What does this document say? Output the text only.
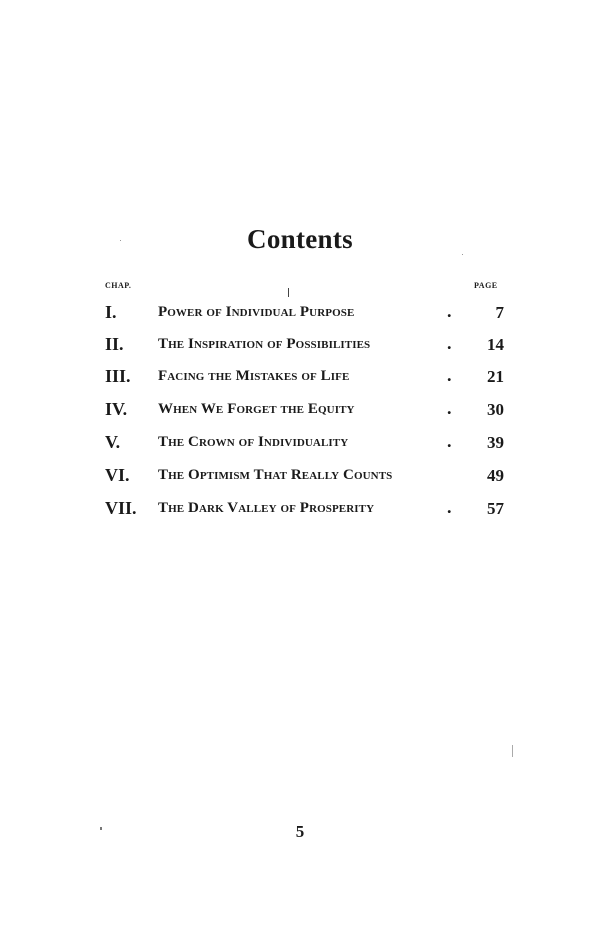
Contents
CHAP.	PAGE
I.	Power of Individual Purpose	.	7
II. The Inspiration of Possibilities	.	14
III. Facing the Mistakes of Life	.	21
IV. When We Forget the Equity	.	30
V.	The Crown of Individuality	.	39
VI. The Optimism That Really Counts	49
VII. The Dark Valley of Prosperity	.	57
5
